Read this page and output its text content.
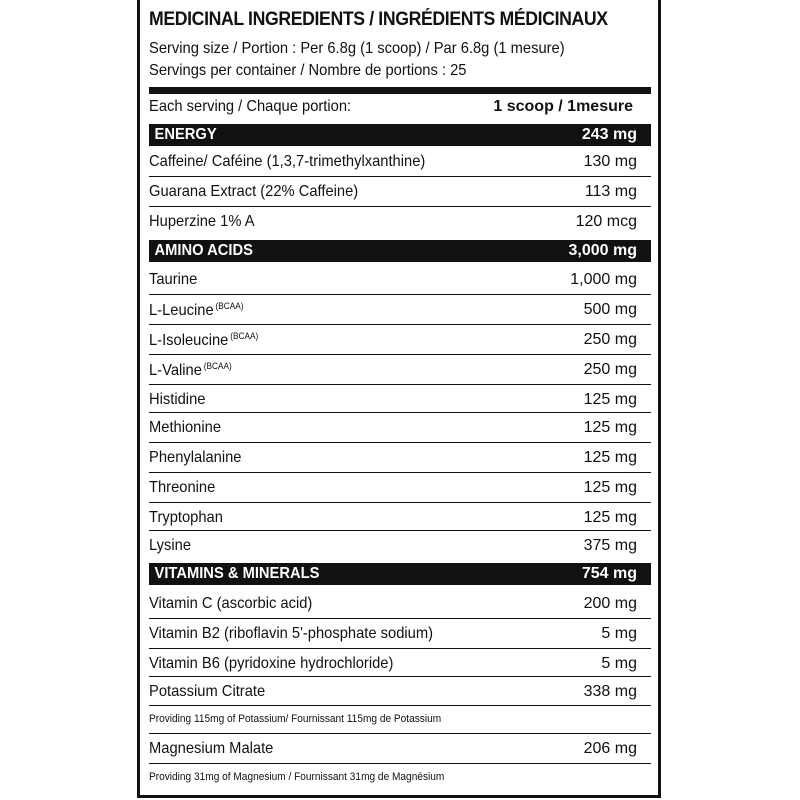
MEDICINAL INGREDIENTS / INGRÉDIENTS MÉDICINAUX
Serving size / Portion : Per 6.8g (1 scoop) / Par 6.8g (1 mesure)
Servings per container / Nombre de portions : 25
Each serving / Chaque portion:	1 scoop / 1mesure
ENERGY	243 mg
Caffeine/ Caféine (1,3,7-trimethylxanthine)	130 mg
Guarana Extract (22% Caffeine)	113 mg
Huperzine 1% A	120 mcg
AMINO ACIDS	3,000 mg
Taurine	1,000 mg
L-Leucine $^{(BCAA)}$	500 mg
L-Isoleucine $^{(BCAA)}$	250 mg
L-Valine $^{(BCAA)}$	250 mg
Histidine	125 mg
Methionine	125 mg
Phenylalanine	125 mg
Threonine	125 mg
Tryptophan	125 mg
Lysine	375 mg
VITAMINS & MINERALS	754 mg
Vitamin C (ascorbic acid)	200 mg
Vitamin B2 (riboflavin 5'-phosphate sodium)	5 mg
Vitamin B6 (pyridoxine hydrochloride)	5 mg
Potassium Citrate	338 mg
Providing 115mg of Potassium/ Fournissant 115mg de Potassium
Magnesium Malate	206 mg
Providing 31mg of Magnesium / Fournissant 31mg de Magnésium
